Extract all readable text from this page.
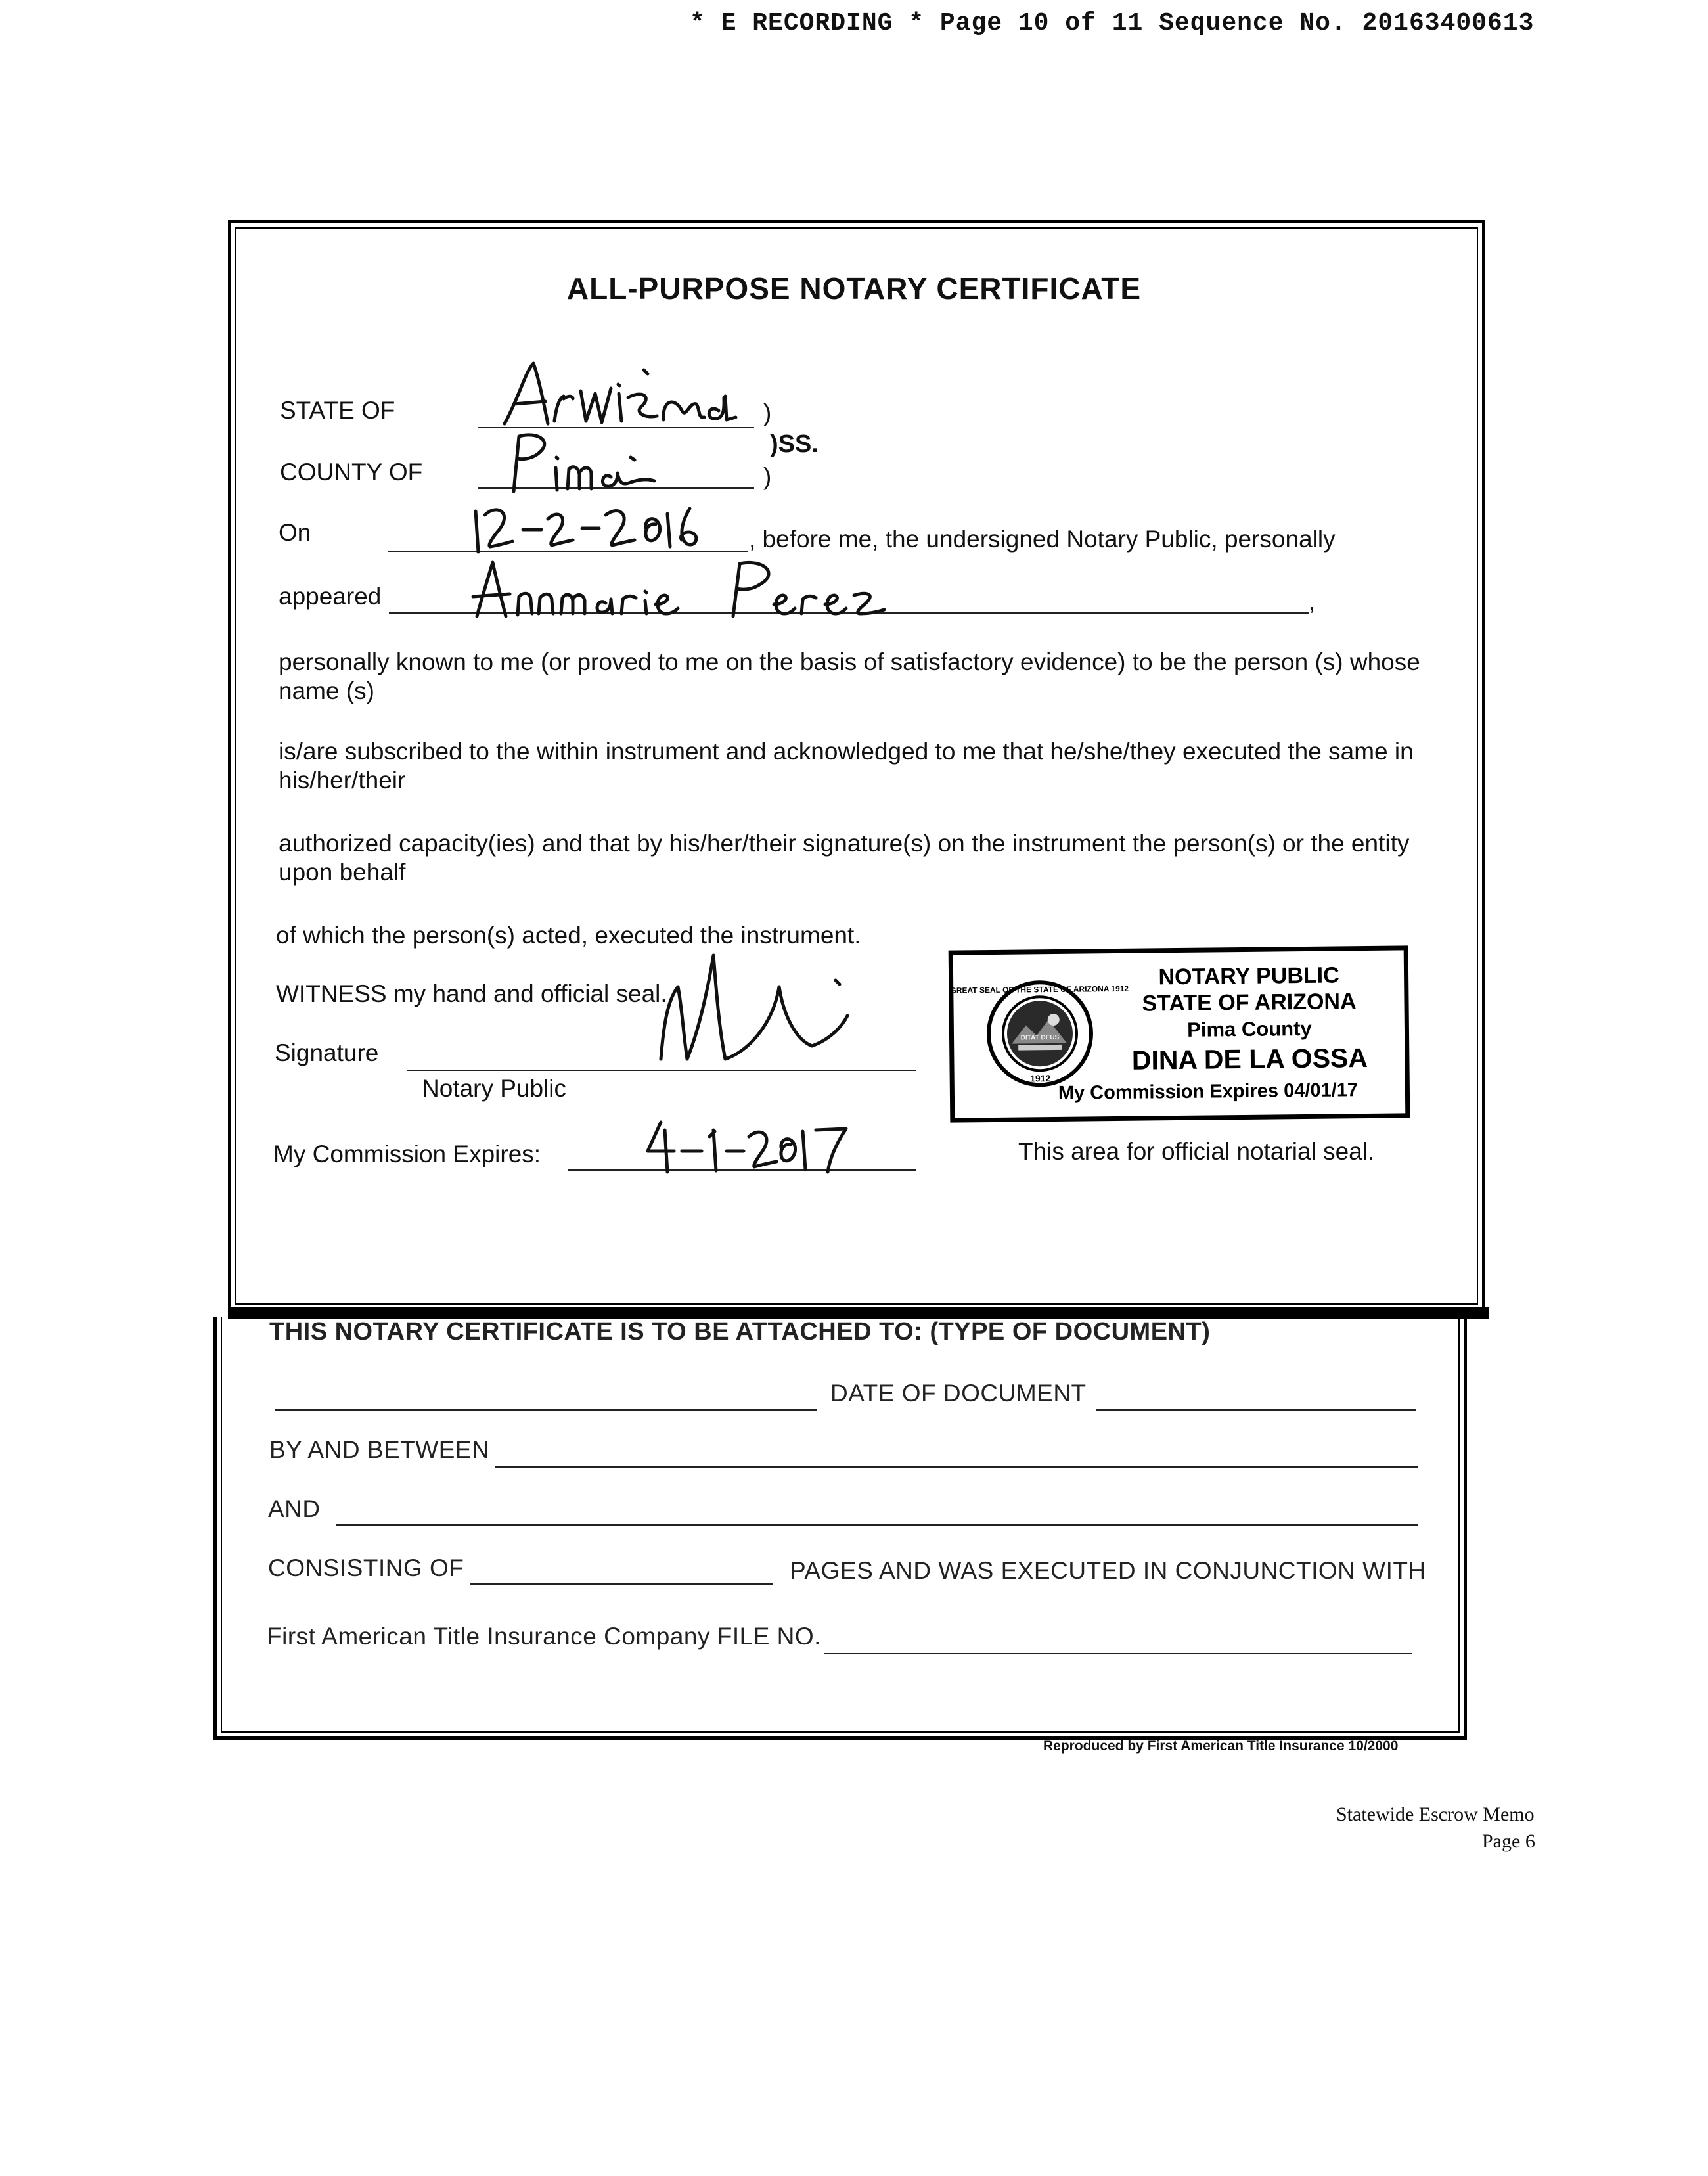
* E RECORDING * Page 10 of 11 Sequence No. 20163400613
ALL-PURPOSE NOTARY CERTIFICATE
STATE OF	)
COUNTY OF	)
)SS.
On	, before me, the undersigned Notary Public, personally
appeared	,
personally known to me (or proved to me on the basis of satisfactory evidence) to be the person (s) whose name (s)
is/are subscribed to the within instrument and acknowledged to me that he/she/they executed the same in his/her/their
authorized capacity(ies) and that by his/her/their signature(s) on the instrument the person(s) or the entity upon behalf
of which the person(s) acted, executed the instrument.
WITNESS my hand and official seal.
Signature
Notary Public
My Commission Expires:
GREAT SEAL OF THE STATE OF ARIZONA 1912
DITAT DEUS
1912
NOTARY PUBLIC
STATE OF ARIZONA
Pima County
DINA DE LA OSSA
My Commission Expires 04/01/17
This area for official notarial seal.
THIS NOTARY CERTIFICATE IS TO BE ATTACHED TO: (TYPE OF DOCUMENT)
DATE OF DOCUMENT
BY AND BETWEEN
AND
CONSISTING OF	PAGES AND WAS EXECUTED IN CONJUNCTION WITH
First American Title Insurance Company FILE NO.
Reproduced by First American Title Insurance 10/2000
Statewide Escrow Memo
Page 6
